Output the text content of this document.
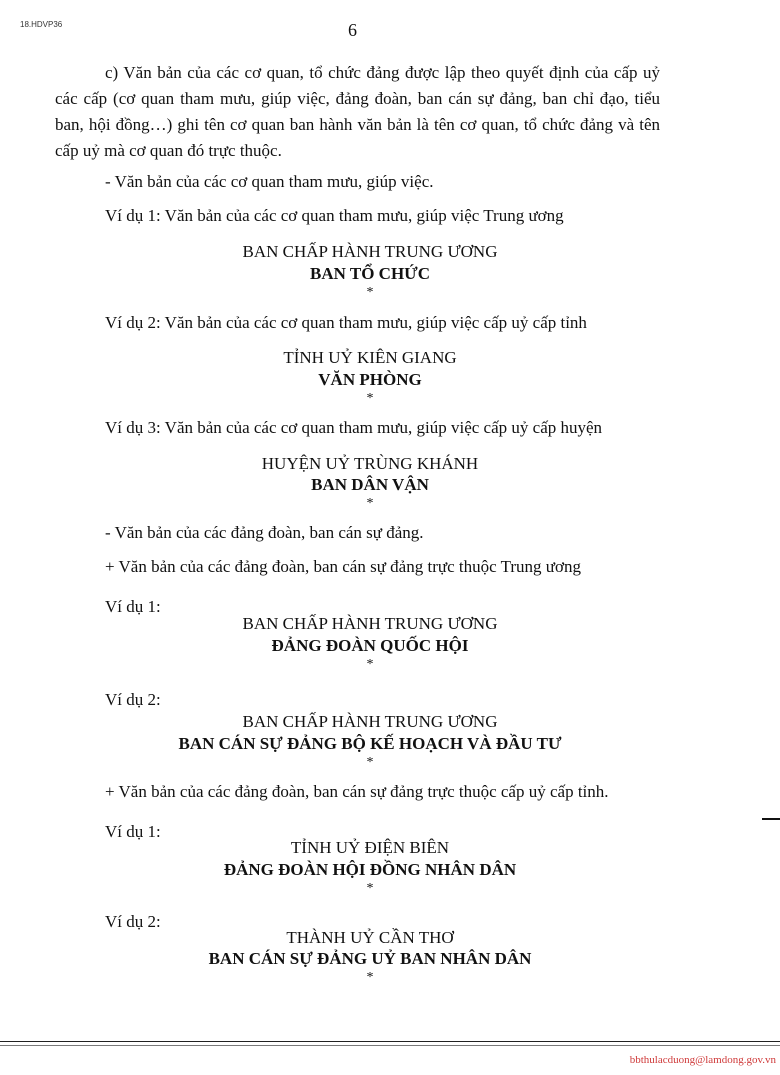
18.HDVP36	6
c) Văn bản của các cơ quan, tổ chức đảng được lập theo quyết định của cấp uỷ các cấp (cơ quan tham mưu, giúp việc, đảng đoàn, ban cán sự đảng, ban chỉ đạo, tiểu ban, hội đồng…) ghi tên cơ quan ban hành văn bản là tên cơ quan, tổ chức đảng và tên cấp uỷ mà cơ quan đó trực thuộc.
- Văn bản của các cơ quan tham mưu, giúp việc.
Ví dụ 1: Văn bản của các cơ quan tham mưu, giúp việc Trung ương
BAN CHẤP HÀNH TRUNG ƯƠNG
BAN TỔ CHỨC
*
Ví dụ 2: Văn bản của các cơ quan tham mưu, giúp việc cấp uỷ cấp tỉnh
TỈNH UỶ KIÊN GIANG
VĂN PHÒNG
*
Ví dụ 3: Văn bản của các cơ quan tham mưu, giúp việc cấp uỷ cấp huyện
HUYỆN UỶ TRÙNG KHÁNH
BAN DÂN VẬN
*
- Văn bản của các đảng đoàn, ban cán sự đảng.
+ Văn bản của các đảng đoàn, ban cán sự đảng trực thuộc Trung ương
Ví dụ 1:
BAN CHẤP HÀNH TRUNG ƯƠNG
ĐẢNG ĐOÀN QUỐC HỘI
*
Ví dụ 2:
BAN CHẤP HÀNH TRUNG ƯƠNG
BAN CÁN SỰ ĐẢNG BỘ KẾ HOẠCH VÀ ĐẦU TƯ
*
+ Văn bản của các đảng đoàn, ban cán sự đảng trực thuộc cấp uỷ cấp tỉnh.
Ví dụ 1:
TỈNH UỶ ĐIỆN BIÊN
ĐẢNG ĐOÀN HỘI ĐỒNG NHÂN DÂN
*
Ví dụ 2:
THÀNH UỶ CẦN THƠ
BAN CÁN SỰ ĐẢNG UỶ BAN NHÂN DÂN
*
bbthulacduong@lamdong.gov.vn
